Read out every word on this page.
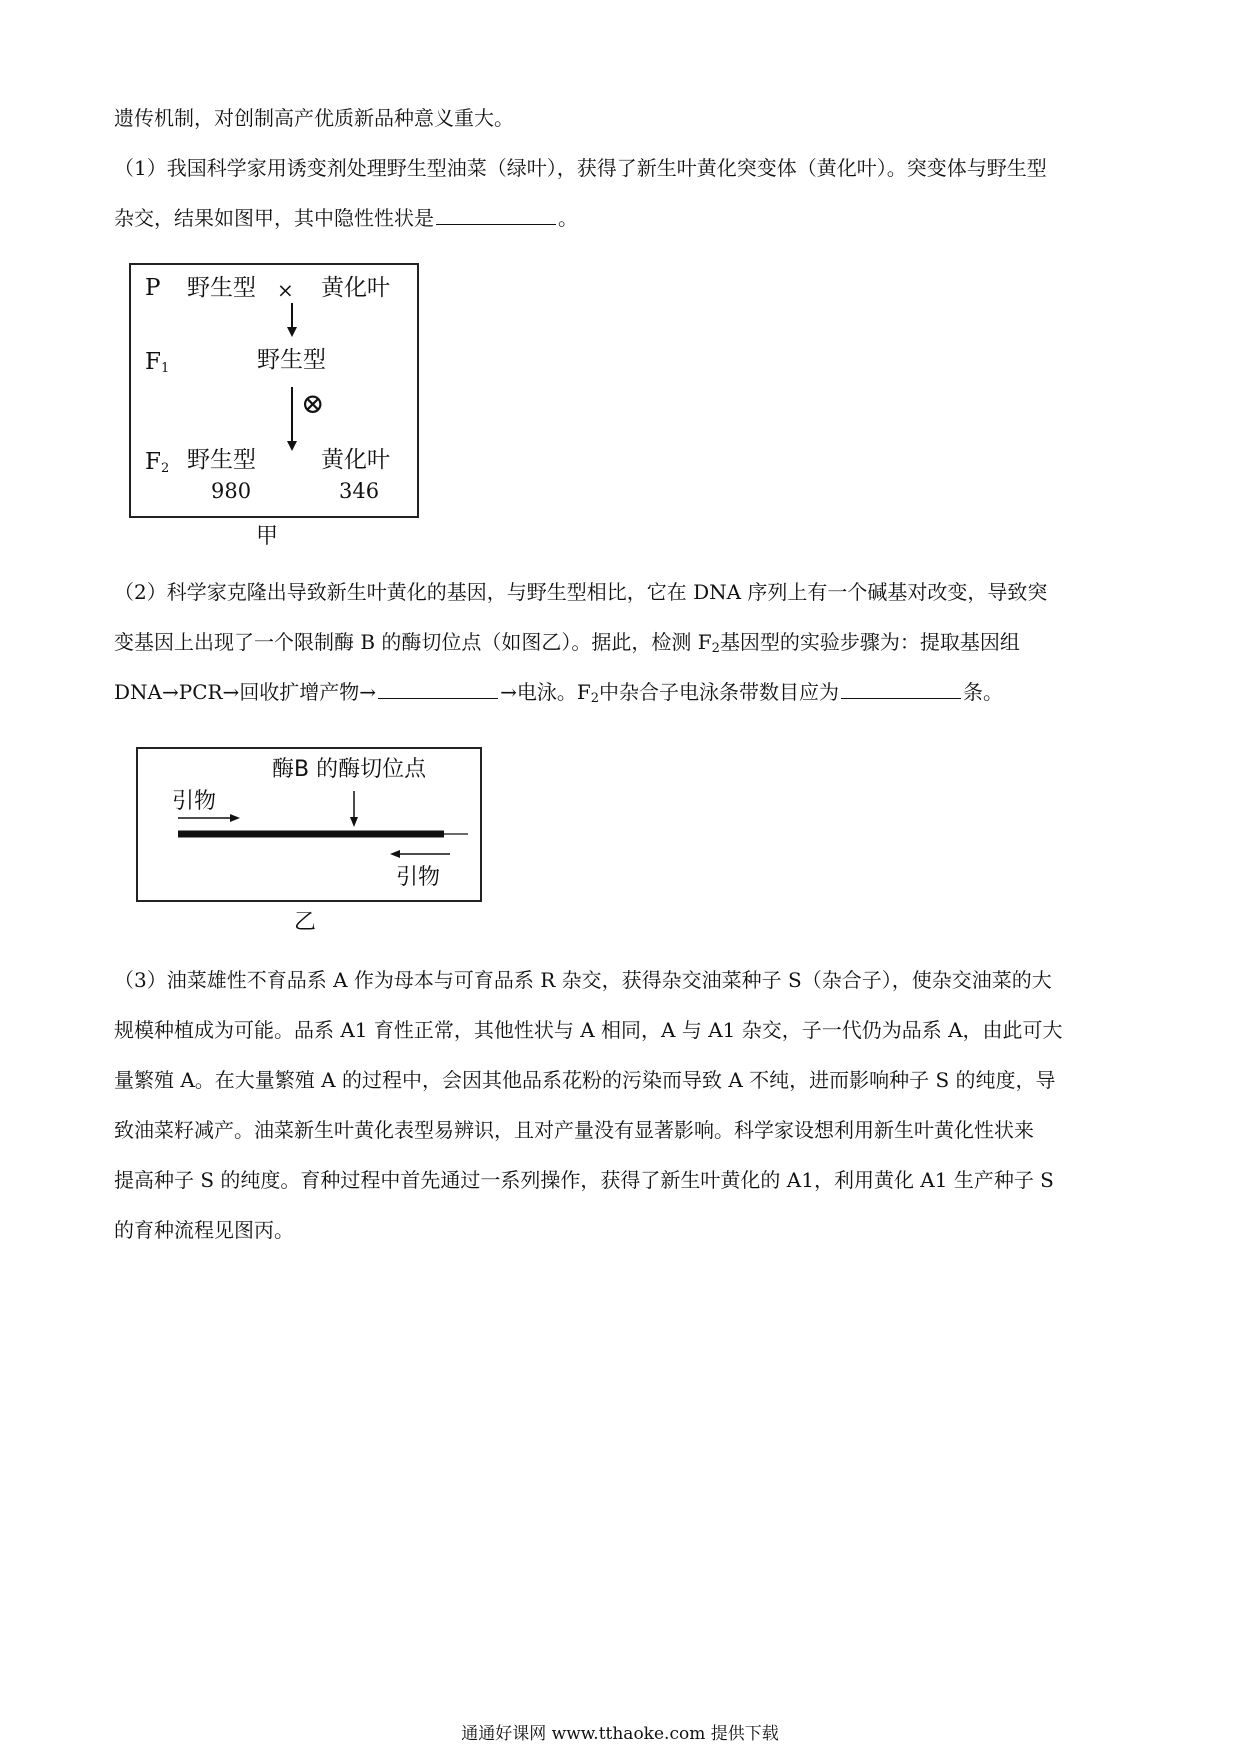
遗传机制，对创制高产优质新品种意义重大。
（1）我国科学家用诱变剂处理野生型油菜（绿叶），获得了新生叶黄化突变体（黄化叶）。突变体与野生型
杂交，结果如图甲，其中隐性性状是	。
P 野生型 × 黄化叶
$F_1$	野生型
⊗
$F_2$ 野生型	黄化叶
980	346
甲
（2）科学家克隆出导致新生叶黄化的基因，与野生型相比，它在 DNA 序列上有一个碱基对改变，导致突
变基因上出现了一个限制酶 B 的酶切位点（如图乙）。据此，检测 $F_2$基因型的实验步骤为：提取基因组
DNA→PCR→回收扩增产物→	→电泳。$F_2$中杂合子电泳条带数目应为	条。
酶B 的酶切位点
引物
引物
乙
（3）油菜雄性不育品系 A 作为母本与可育品系 R 杂交，获得杂交油菜种子 S（杂合子），使杂交油菜的大
规模种植成为可能。品系 A1 育性正常，其他性状与 A 相同，A 与 A1 杂交，子一代仍为品系 A，由此可大
量繁殖 A。在大量繁殖 A 的过程中，会因其他品系花粉的污染而导致 A 不纯，进而影响种子 S 的纯度，导
致油菜籽减产。油菜新生叶黄化表型易辨识，且对产量没有显著影响。科学家设想利用新生叶黄化性状来
提高种子 S 的纯度。育种过程中首先通过一系列操作，获得了新生叶黄化的 A1，利用黄化 A1 生产种子 S
的育种流程见图丙。
通通好课网 www.tthaoke.com 提供下载
